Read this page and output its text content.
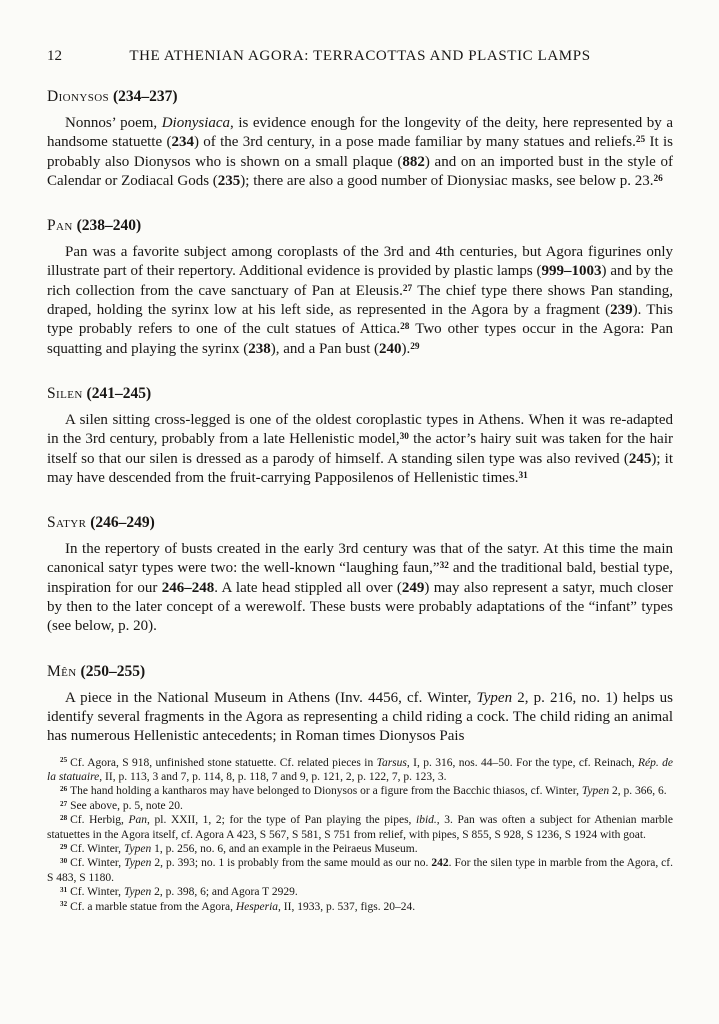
12	THE ATHENIAN AGORA: TERRACOTTAS AND PLASTIC LAMPS
Dionysos (234–237)

Nonnos’ poem, Dionysiaca, is evidence enough for the longevity of the deity, here represented by a handsome statuette (234) of the 3rd century, in a pose made familiar by many statues and reliefs.$^{25}$ It is probably also Dionysos who is shown on a small plaque (882) and on an imported bust in the style of Calendar or Zodiacal Gods (235); there are also a good number of Dionysiac masks, see below p. 23.26

Pan (238–240)

Pan was a favorite subject among coroplasts of the 3rd and 4th centuries, but Agora figurines only illustrate part of their repertory. Additional evidence is provided by plastic lamps (999–1003) and by the rich collection from the cave sanctuary of Pan at Eleusis.$^{27}$ The chief type there shows Pan standing, draped, holding the syrinx low at his left side, as represented in the Agora by a fragment (239). This type probably refers to one of the cult statues of Attica.$^{28}$ Two other types occur in the Agora: Pan squatting and playing the syrinx (238), and a Pan bust (240).$^{29}$

Silen (241–245)

A silen sitting cross-legged is one of the oldest coroplastic types in Athens. When it was re-adapted in the 3rd century, probably from a late Hellenistic model,$^{30}$ the actor’s hairy suit was taken for the hair itself so that our silen is dressed as a parody of himself. A standing silen type was also revived (245); it may have descended from the fruit-carrying Papposilenos of Hellenistic times.$^{31}$

Satyr (246–249)

In the repertory of busts created in the early 3rd century was that of the satyr. At this time the main canonical satyr types were two: the well-known “laughing faun,”$^{32}$ and the traditional bald, bestial type, inspiration for our 246–248. A late head stippled all over (249) may also represent a satyr, much closer by then to the later concept of a werewolf. These busts were probably adaptations of the “infant” types (see below, p. 20).

Mên (250–255)

A piece in the National Museum in Athens (Inv. 4456, cf. Winter, Typen 2, p. 216, no. 1) helps us identify several fragments in the Agora as representing a child riding a cock. The child riding an animal has numerous Hellenistic antecedents; in Roman times Dionysos Pais

$^{25}$ Cf. Agora, S 918, unfinished stone statuette. Cf. related pieces in Tarsus, I, p. 316, nos. 44–50. For the type, cf. Reinach, Rép. de la statuaire, II, p. 113, 3 and 7, p. 114, 8, p. 118, 7 and 9, p. 121, 2, p. 122, 7, p. 123, 3.

$^{26}$ The hand holding a kantharos may have belonged to Dionysos or a figure from the Bacchic thiasos, cf. Winter, Typen 2, p. 366, 6.

$^{27}$ See above, p. 5, note 20.

$^{28}$ Cf. Herbig, Pan, pl. XXII, 1, 2; for the type of Pan playing the pipes, ibid., 3. Pan was often a subject for Athenian marble statuettes in the Agora itself, cf. Agora A 423, S 567, S 581, S 751 from relief, with pipes, S 855, S 928, S 1236, S 1924 with goat.

$^{29}$ Cf. Winter, Typen 1, p. 256, no. 6, and an example in the Peiraeus Museum.

$^{30}$ Cf. Winter, Typen 2, p. 393; no. 1 is probably from the same mould as our no. 242. For the silen type in marble from the Agora, cf. S 483, S 1180.

$^{31}$ Cf. Winter, Typen 2, p. 398, 6; and Agora T 2929.

$^{32}$ Cf. a marble statue from the Agora, Hesperia, II, 1933, p. 537, figs. 20–24.
